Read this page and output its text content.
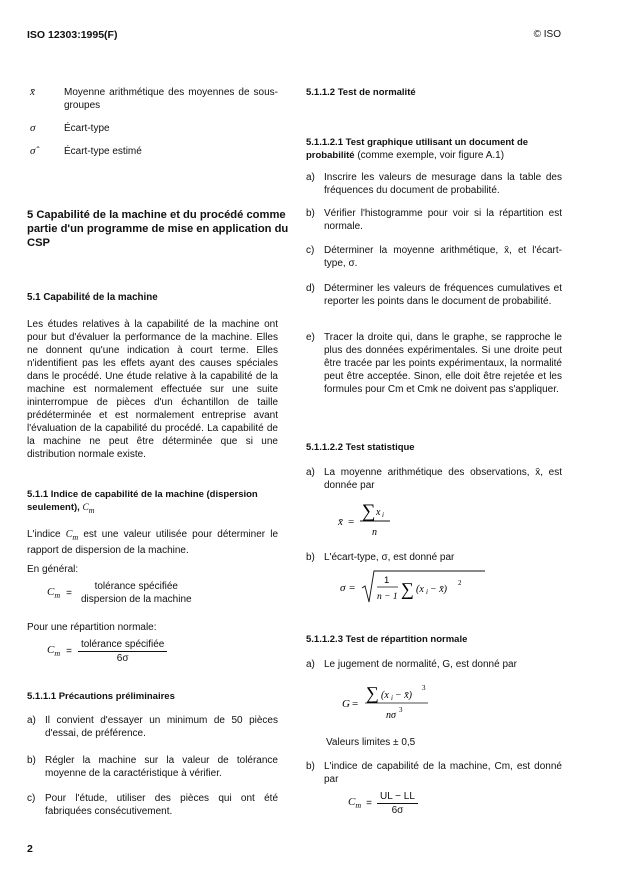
ISO 12303:1995(F)	© ISO
x̄̄	Moyenne arithmétique des moyennes de sous-groupes
σ	Écart-type
σ̂	Écart-type estimé
5 Capabilité de la machine et du procédé comme partie d'un programme de mise en application du CSP
5.1 Capabilité de la machine
Les études relatives à la capabilité de la machine ont pour but d'évaluer la performance de la machine. Elles ne donnent qu'une indication à court terme. Elles n'identifient pas les effets ayant des causes spéciales dans le procédé. Une étude relative à la capabilité de la machine est normalement effectuée sur une suite ininterrompue de pièces d'un échantillon de taille prédéterminée et est normalement entreprise avant l'évaluation de la capabilité du procédé. La capabilité de la machine ne peut être déterminée que si une distribution normale existe.
5.1.1 Indice de capabilité de la machine (dispersion seulement), $C_m$
L'indice $C_m$ est une valeur utilisée pour déterminer le rapport de dispersion de la machine.
En général:
$C_m$ =
tolérance spécifiée
dispersion de la machine
Pour une répartition normale:
$C_m = \frac{\text{tolérance spécifiée}}{6\sigma}$
5.1.1.1 Précautions préliminaires
a) Il convient d'essayer un minimum de 50 pièces d'essai, de préférence.
b) Régler la machine sur la valeur de tolérance moyenne de la caractéristique à vérifier.
c) Pour l'étude, utiliser des pièces qui ont été fabriquées consécutivement.
5.1.1.2 Test de normalité
5.1.1.2.1 Test graphique utilisant un document de probabilité (comme exemple, voir figure A.1)
a) Inscrire les valeurs de mesurage dans la table des fréquences du document de probabilité.
b) Vérifier l'histogramme pour voir si la répartition est normale.
c) Déterminer la moyenne arithmétique, x̄, et l'écart-type, σ.
d) Déterminer les valeurs de fréquences cumulatives et reporter les points dans le document de probabilité.
e) Tracer la droite qui, dans le graphe, se rapproche le plus des données expérimentales. Si une droite peut être tracée par les points expérimentaux, la normalité peut être acceptée. Sinon, elle doit être rejetée et les formules pour Cm et Cmk ne doivent pas s'appliquer.
5.1.1.2.2 Test statistique
a) La moyenne arithmétique des observations, x̄, est donnée par
x̄ = ∑ x i
n
b) L'écart-type, σ, est donné par
σ =
1
n − 1 ∑ (x i − x̄)
2
5.1.1.2.3 Test de répartition normale
a) Le jugement de normalité, G, est donné par
G =
∑ (x i − x̄)
3
nσ 3
Valeurs limites ± 0,5
b) L'indice de capabilité de la machine, Cm, est donné par
$C_m = \frac{UL - LL}{6\sigma}$
2
